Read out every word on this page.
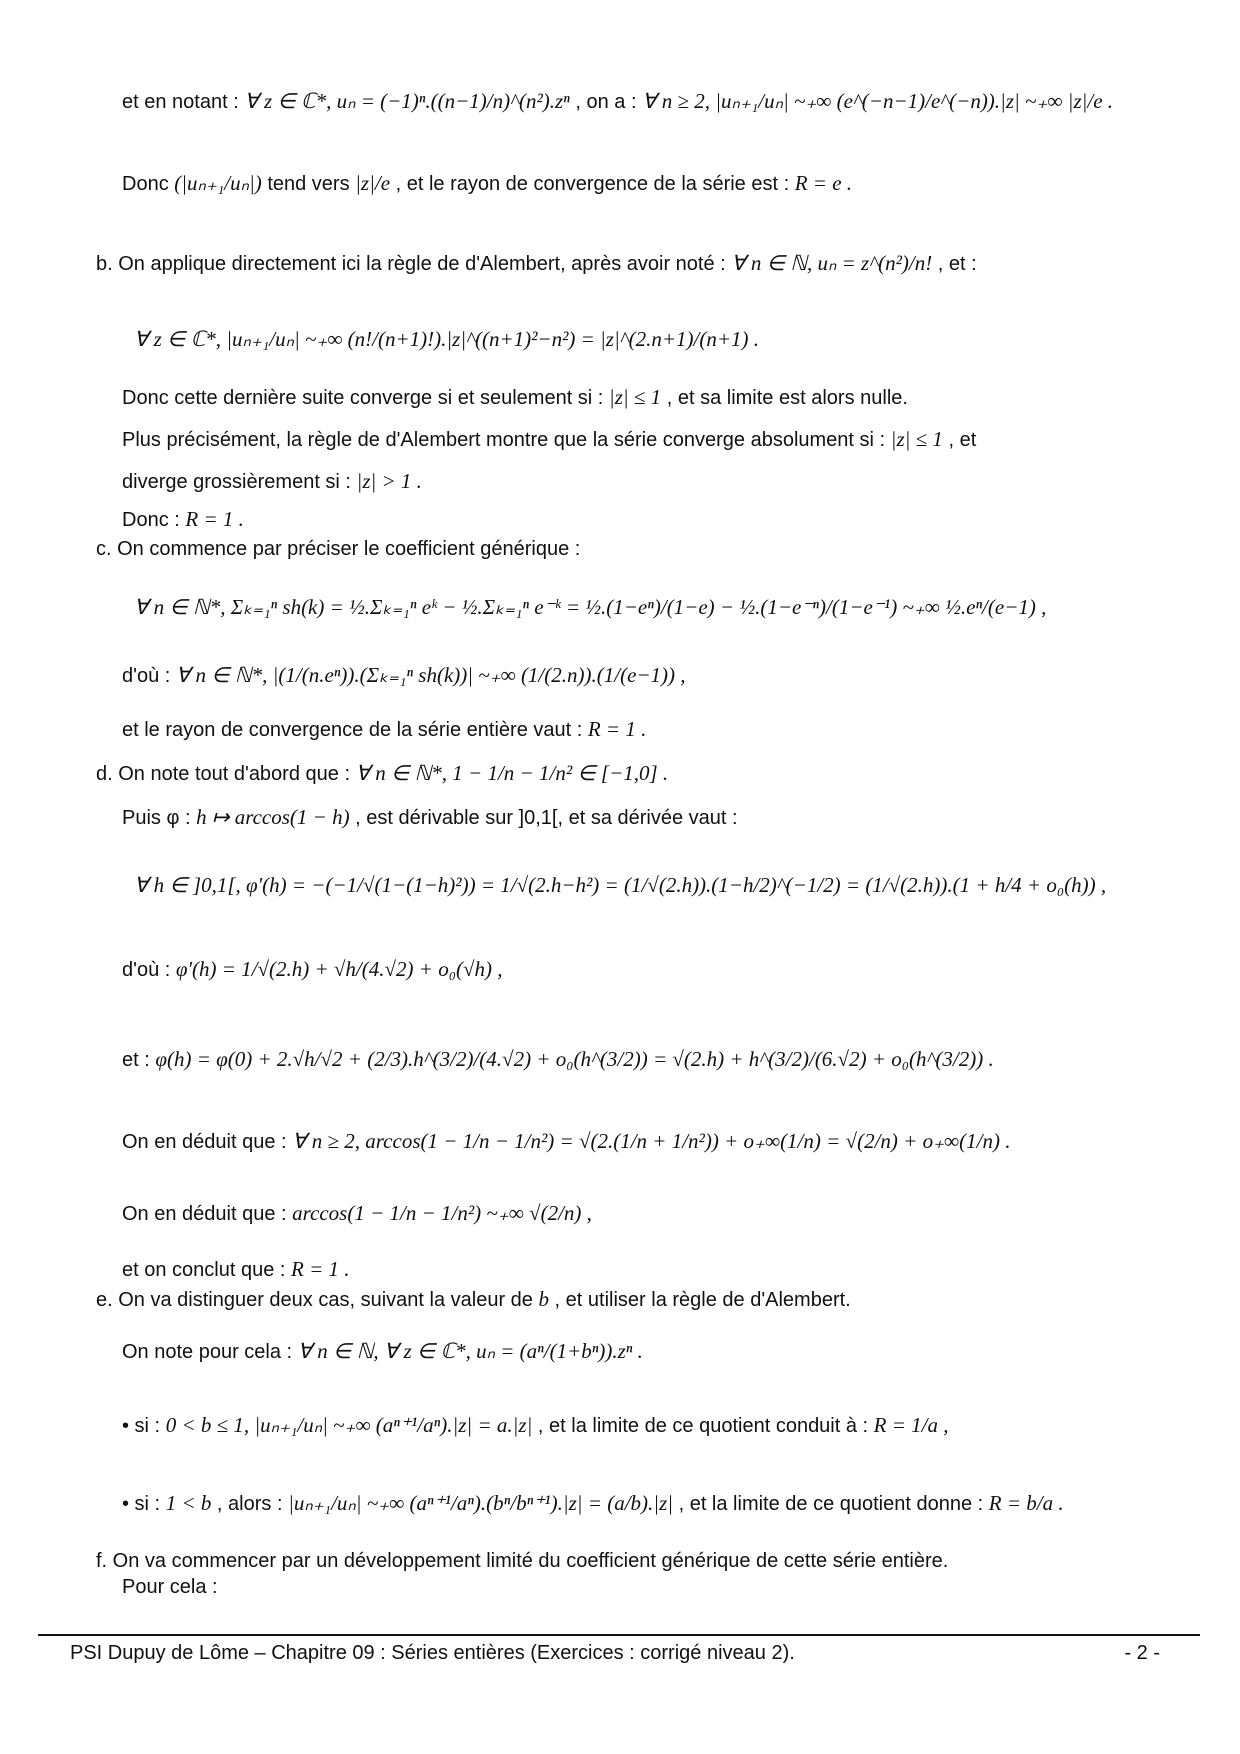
et en notant : ∀ z ∈ ℂ*, uₙ = (−1)ⁿ.((n−1)/n)^(n²).zⁿ , on a : ∀ n ≥ 2, |uₙ₊₁/uₙ| ~₊∞ (e^(−n−1)/e^(−n)).|z| ~₊∞ |z|/e .
Donc (|uₙ₊₁/uₙ|) tend vers |z|/e , et le rayon de convergence de la série est : R = e .
b. On applique directement ici la règle de d'Alembert, après avoir noté : ∀ n ∈ ℕ, uₙ = z^(n²)/n! , et :
∀ z ∈ ℂ*, |uₙ₊₁/uₙ| ~₊∞ (n!/(n+1)!).|z|^((n+1)²−n²) = |z|^(2.n+1)/(n+1) .
Donc cette dernière suite converge si et seulement si : |z| ≤ 1 , et sa limite est alors nulle.
Plus précisément, la règle de d'Alembert montre que la série converge absolument si : |z| ≤ 1 , et
diverge grossièrement si : |z| > 1 .
Donc : R = 1 .
c. On commence par préciser le coefficient générique :
∀ n ∈ ℕ*, Σₖ₌₁ⁿ sh(k) = ½.Σₖ₌₁ⁿ eᵏ − ½.Σₖ₌₁ⁿ e⁻ᵏ = ½.(1−eⁿ)/(1−e) − ½.(1−e⁻ⁿ)/(1−e⁻¹) ~₊∞ ½.eⁿ/(e−1) ,
d'où : ∀ n ∈ ℕ*, |(1/(n.eⁿ)).(Σₖ₌₁ⁿ sh(k))| ~₊∞ (1/(2.n)).(1/(e−1)) ,
et le rayon de convergence de la série entière vaut : R = 1 .
d. On note tout d'abord que : ∀ n ∈ ℕ*, 1 − 1/n − 1/n² ∈ [−1,0] .
Puis φ : h ↦ arccos(1 − h) , est dérivable sur ]0,1[, et sa dérivée vaut :
∀ h ∈ ]0,1[, φ'(h) = −(−1/√(1−(1−h)²)) = 1/√(2.h−h²) = (1/√(2.h)).(1−h/2)^(−1/2) = (1/√(2.h)).(1 + h/4 + o₀(h)) ,
d'où : φ'(h) = 1/√(2.h) + √h/(4.√2) + o₀(√h) ,
et : φ(h) = φ(0) + 2.√h/√2 + (2/3).h^(3/2)/(4.√2) + o₀(h^(3/2)) = √(2.h) + h^(3/2)/(6.√2) + o₀(h^(3/2)) .
On en déduit que : ∀ n ≥ 2, arccos(1 − 1/n − 1/n²) = √(2.(1/n + 1/n²)) + o₊∞(1/n) = √(2/n) + o₊∞(1/n) .
On en déduit que : arccos(1 − 1/n − 1/n²) ~₊∞ √(2/n) ,
et on conclut que : R = 1 .
e. On va distinguer deux cas, suivant la valeur de b , et utiliser la règle de d'Alembert.
On note pour cela : ∀ n ∈ ℕ, ∀ z ∈ ℂ*, uₙ = (aⁿ/(1+bⁿ)).zⁿ .
• si : 0 < b ≤ 1, |uₙ₊₁/uₙ| ~₊∞ (aⁿ⁺¹/aⁿ).|z| = a.|z| , et la limite de ce quotient conduit à : R = 1/a ,
• si : 1 < b , alors : |uₙ₊₁/uₙ| ~₊∞ (aⁿ⁺¹/aⁿ).(bⁿ/bⁿ⁺¹).|z| = (a/b).|z| , et la limite de ce quotient donne : R = b/a .
f. On va commencer par un développement limité du coefficient générique de cette série entière.
Pour cela :
PSI Dupuy de Lôme – Chapitre 09 : Séries entières (Exercices : corrigé niveau 2).	- 2 -
